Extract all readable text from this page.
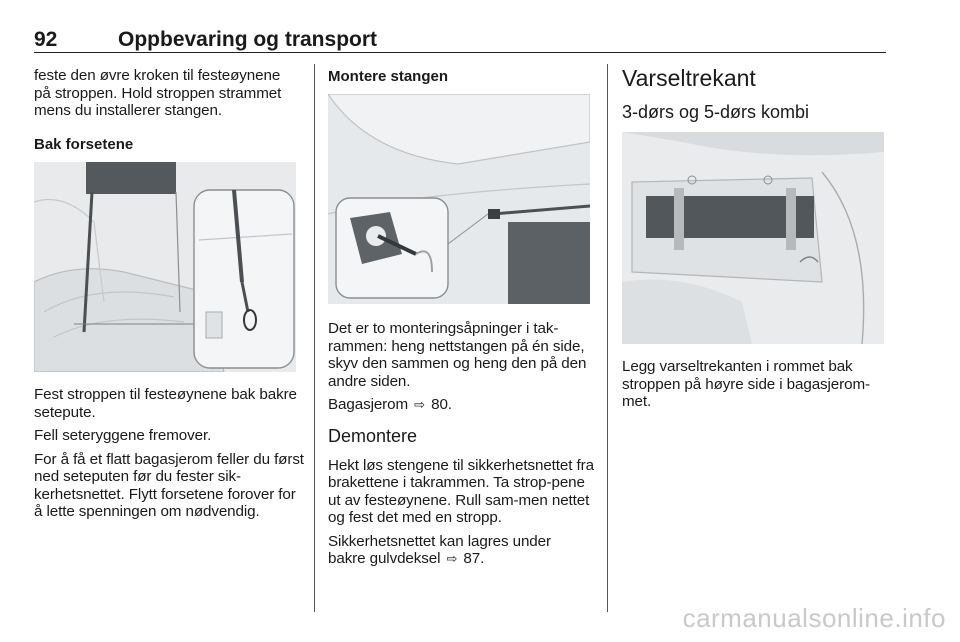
92	Oppbevaring og transport

feste den øvre kroken til festeøynene på stroppen. Hold stroppen strammet mens du installerer stangen.

Bak forsetene

Fest stroppen til festeøynene bak bakre setepute.

Fell seteryggene fremover.

For å få et flatt bagasjerom feller du først ned seteputen før du fester sik-kerhetsnettet. Flytt forsetene forover for å lette spenningen om nødvendig.

Montere stangen

Det er to monteringsåpninger i tak-rammen: heng nettstangen på én side, skyv den sammen og heng den på den andre siden.

Bagasjerom ⇨ 80.

Demontere

Hekt løs stengene til sikkerhetsnettet fra brakettene i takrammen. Ta strop-pene ut av festeøynene. Rull sam-men nettet og fest det med en stropp.

Sikkerhetsnettet kan lagres under bakre gulvdeksel ⇨ 87.

Varseltrekant

3-dørs og 5-dørs kombi

Legg varseltrekanten i rommet bak stroppen på høyre side i bagasjerom-met.

carmanualsonline.info
